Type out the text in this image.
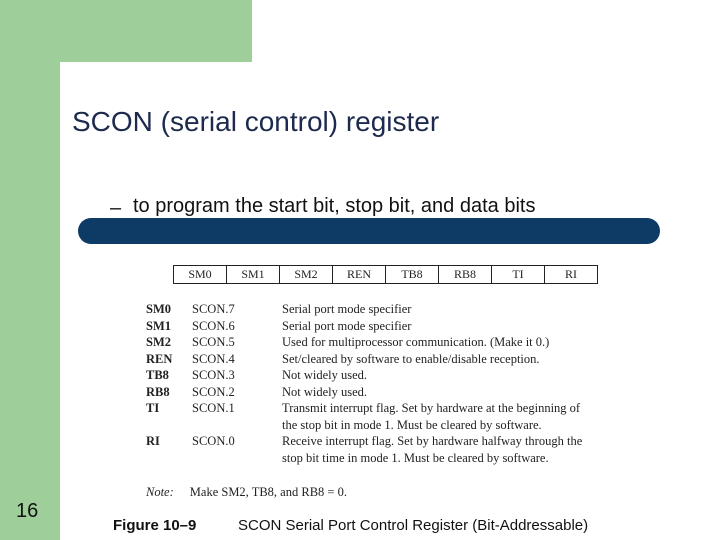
SCON (serial control) register
– to program the start bit, stop bit, and data bits
SM0	SM1	SM2	REN	TB8	RB8	TI	RI
SM0 SCON.7	Serial port mode specifier
SM1 SCON.6	Serial port mode specifier
SM2 SCON.5	Used for multiprocessor communication. (Make it 0.)
REN SCON.4	Set/cleared by software to enable/disable reception.
TB8 SCON.3	Not widely used.
RB8 SCON.2	Not widely used.
TI	SCON.1	Transmit interrupt flag. Set by hardware at the beginning of
the stop bit in mode 1. Must be cleared by software.
RI	SCON.0	Receive interrupt flag. Set by hardware halfway through the
stop bit time in mode 1. Must be cleared by software.
Note: Make SM2, TB8, and RB8 = 0.
16
Figure 10–9	SCON Serial Port Control Register (Bit-Addressable)
